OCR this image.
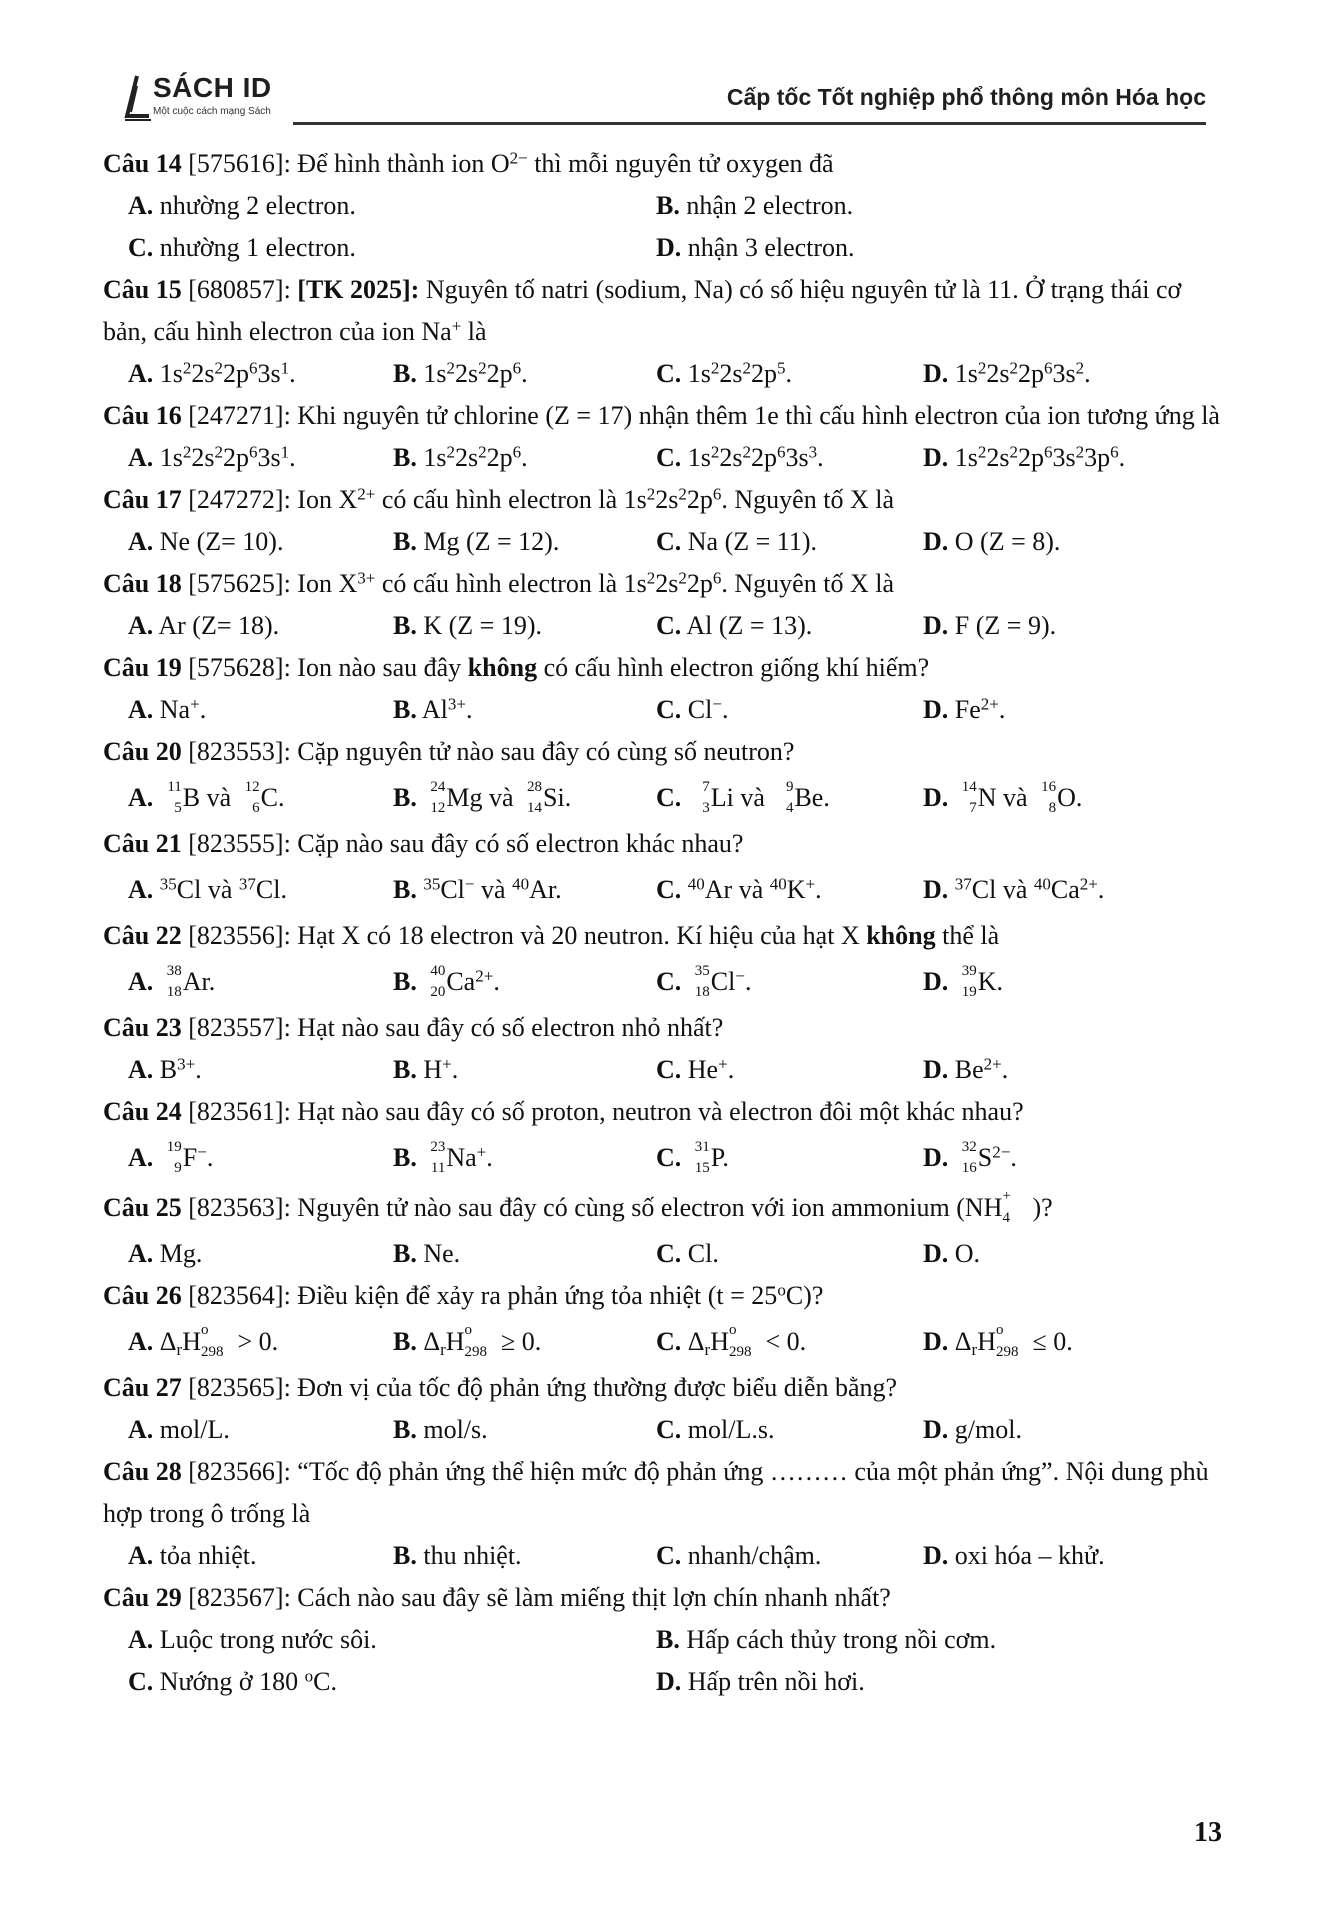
SÁCH ID
Một cuộc cách mạng Sách
Cấp tốc Tốt nghiệp phổ thông môn Hóa học
Câu 14 [575616]: Để hình thành ion $O^{2-}$ thì mỗi nguyên tử oxygen đã
A. nhường 2 electron.	B. nhận 2 electron.
C. nhường 1 electron.	D. nhận 3 electron.
Câu 15 [680857]: [TK 2025]: Nguyên tố natri (sodium, Na) có số hiệu nguyên tử là 11. Ở trạng thái cơ bản, cấu hình electron của ion Na+ là
A. $1s^22s^22p^63s^1$.	B. $1s^22s^22p^6$.	C. $1s^22s^22p^5$.	D. $1s^22s^22p^63s^2$.
Câu 16 [247271]: Khi nguyên tử chlorine (Z = 17) nhận thêm 1e thì cấu hình electron của ion tương ứng là
A. $1s^22s^22p^63s^1$.	B. $1s^22s^22p^6$.	C. $1s^22s^22p^63s^3$.	D. $1s^22s^22p^63s^23p^6$.
Câu 17 [247272]: Ion $X^{2+}$ có cấu hình electron là $1s^22s^22p^6$. Nguyên tố X là
A. Ne (Z= 10).	B. Mg (Z = 12).	C. Na (Z = 11).	D. O (Z = 8).
Câu 18 [575625]: Ion $X^{3+}$ có cấu hình electron là $1s^22s^22p^6$. Nguyên tố X là
A. Ar (Z= 18).	B. K (Z = 19).	C. Al (Z = 13).	D. F (Z = 9).
Câu 19 [575628]: Ion nào sau đây không có cấu hình electron giống khí hiếm?
A. Na+.	B. $Al^{3+}$.	C. Cl−.	D. $Fe^{2+}$.
Câu 20 [823553]: Cặp nguyên tử nào sau đây có cùng số neutron?
A. 11
5 B và 12
6 C.	B. 24
12 Mg và 28
14 Si.	C. 7
3 Li và 9
4 Be.	D. 14
7 N và 16
8 O.
Câu 21 [823555]: Cặp nào sau đây có số electron khác nhau?
A. $^{35}$Cl và $^{37}$Cl.	B. $^{35}$Cl− và $^{40}$Ar.	C. $^{40}$Ar và $^{40}$K+.	D. $^{37}$Cl và $^{40}Ca^{2+}$.
Câu 22 [823556]: Hạt X có 18 electron và 20 neutron. Kí hiệu của hạt X không thể là
A. 38
18 Ar.	B. 40
20 $Ca^{2+}$.	C. 35
18 Cl−.	D. 39
19 K.
Câu 23 [823557]: Hạt nào sau đây có số electron nhỏ nhất?
A. $B^{3+}$.	B. H+.	C. He+.	D. $Be^{2+}$.
Câu 24 [823561]: Hạt nào sau đây có số proton, neutron và electron đôi một khác nhau?
A. 19
9 F−.	B. 23
11 Na+.	C. 31
15 P.	D. 32
16 $S^{2-}$.
Câu 25 [823563]: Nguyên tử nào sau đây có cùng số electron với ion ammonium (NH +
4 )?
A. Mg.	B. Ne.	C. Cl.	D. O.
Câu 26 [823564]: Điều kiện để xảy ra phản ứng tỏa nhiệt $(t = 25^oC)$?
A. $\Delta_rH$ o
298 > 0.	B. $\Delta_rH$ o
298 ≥ 0.	C. $\Delta_rH$ o
298 < 0.	D. $\Delta_rH$ o
298 ≤ 0.
Câu 27 [823565]: Đơn vị của tốc độ phản ứng thường được biểu diễn bằng?
A. mol/L.	B. mol/s.	C. mol/L.s.	D. g/mol.
Câu 28 [823566]: “Tốc độ phản ứng thể hiện mức độ phản ứng ……… của một phản ứng”. Nội dung phù hợp trong ô trống là
A. tỏa nhiệt.	B. thu nhiệt.	C. nhanh/chậm.	D. oxi hóa – khử.
Câu 29 [823567]: Cách nào sau đây sẽ làm miếng thịt lợn chín nhanh nhất?
A. Luộc trong nước sôi.	B. Hấp cách thủy trong nồi cơm.
C. Nướng ở 180 $^o$C.	D. Hấp trên nồi hơi.
13
